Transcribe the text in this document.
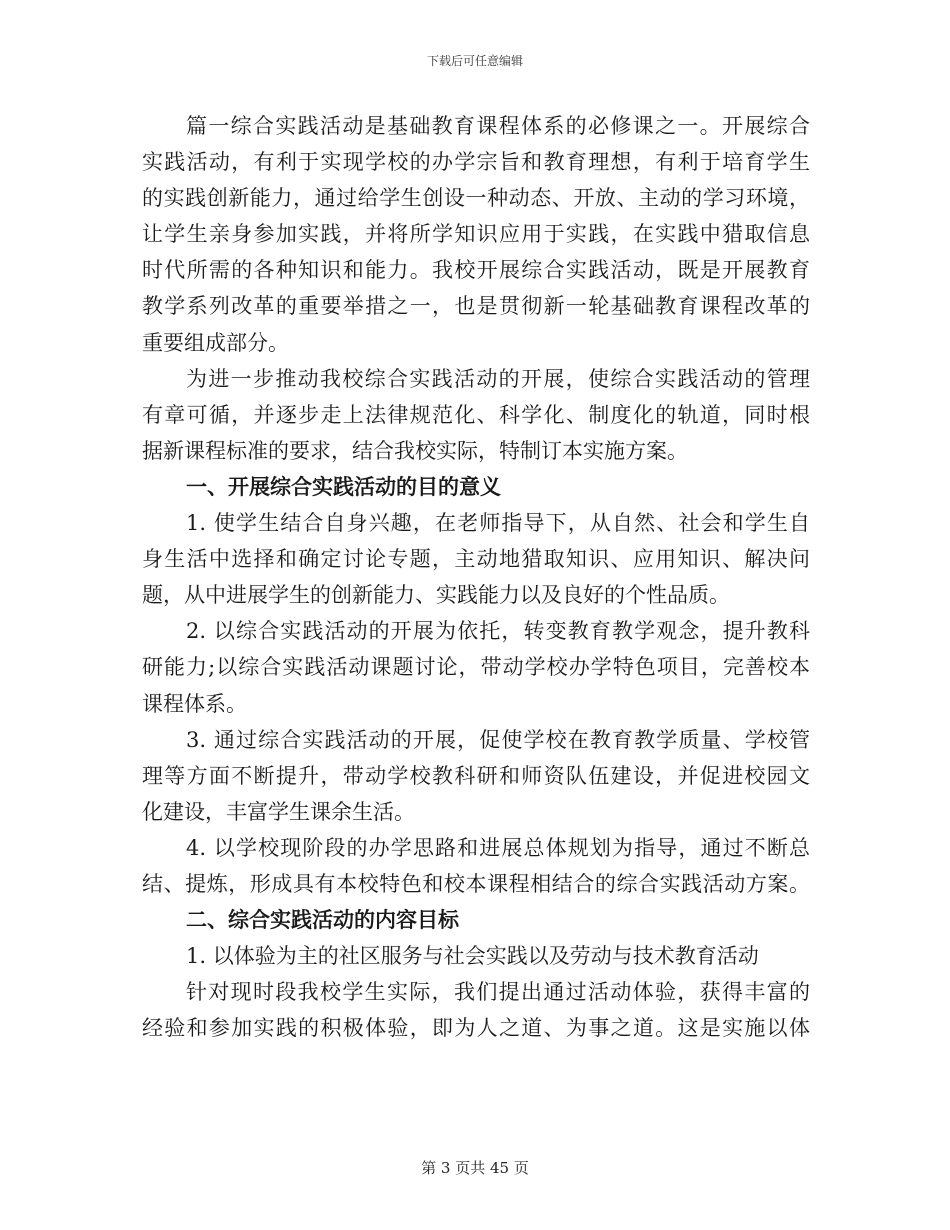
下载后可任意编辑
篇一综合实践活动是基础教育课程体系的必修课之一。开展综合
实践活动，有利于实现学校的办学宗旨和教育理想，有利于培育学生
的实践创新能力，通过给学生创设一种动态、开放、主动的学习环境，
让学生亲身参加实践，并将所学知识应用于实践，在实践中猎取信息
时代所需的各种知识和能力。我校开展综合实践活动，既是开展教育
教学系列改革的重要举措之一，也是贯彻新一轮基础教育课程改革的
重要组成部分。
为进一步推动我校综合实践活动的开展，使综合实践活动的管理
有章可循，并逐步走上法律规范化、科学化、制度化的轨道，同时根
据新课程标准的要求，结合我校实际，特制订本实施方案。
一、开展综合实践活动的目的意义
1. 使学生结合自身兴趣，在老师指导下，从自然、社会和学生自
身生活中选择和确定讨论专题，主动地猎取知识、应用知识、解决问
题，从中进展学生的创新能力、实践能力以及良好的个性品质。
2. 以综合实践活动的开展为依托，转变教育教学观念，提升教科
研能力;以综合实践活动课题讨论，带动学校办学特色项目，完善校本
课程体系。
3. 通过综合实践活动的开展，促使学校在教育教学质量、学校管
理等方面不断提升，带动学校教科研和师资队伍建设，并促进校园文
化建设，丰富学生课余生活。
4. 以学校现阶段的办学思路和进展总体规划为指导，通过不断总
结、提炼，形成具有本校特色和校本课程相结合的综合实践活动方案。
二、综合实践活动的内容目标
1. 以体验为主的社区服务与社会实践以及劳动与技术教育活动
针对现时段我校学生实际，我们提出通过活动体验，获得丰富的
经验和参加实践的积极体验，即为人之道、为事之道。这是实施以体
第 3 页共 45 页
